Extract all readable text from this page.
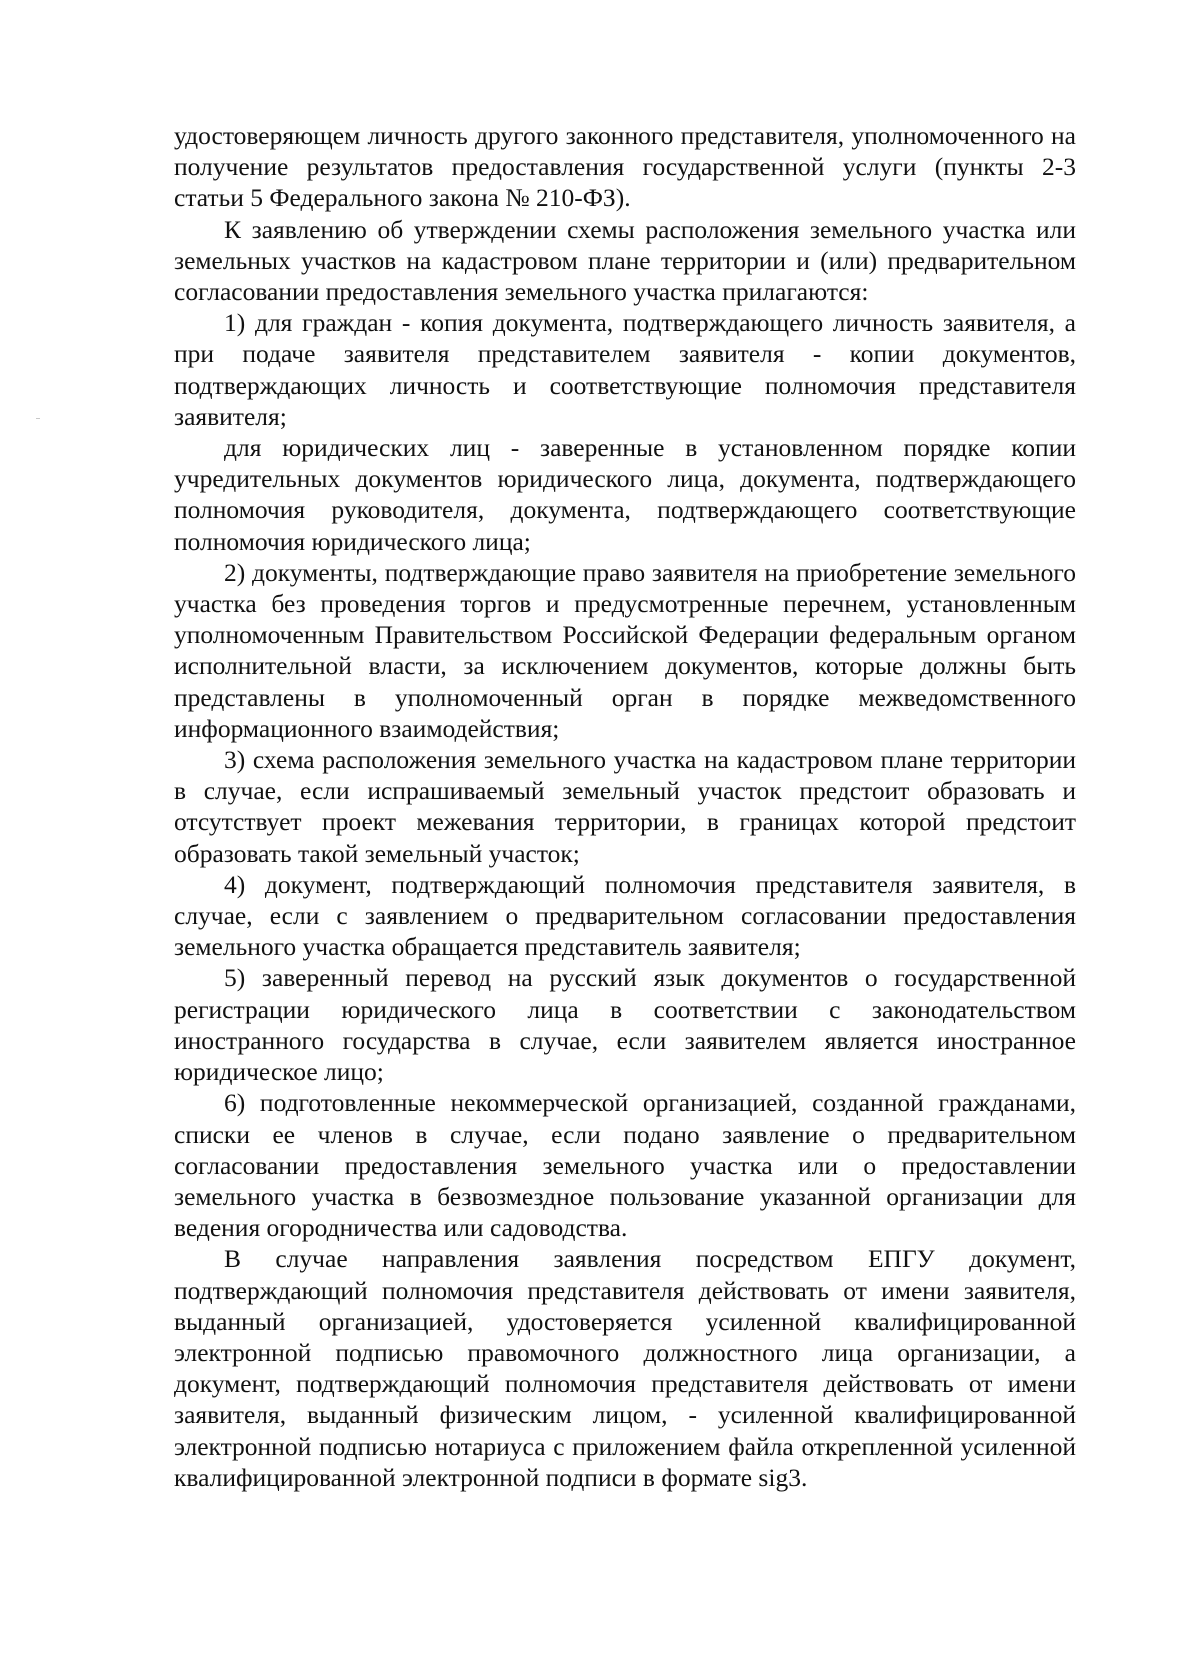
удостоверяющем личность другого законного представителя, уполномоченного на получение результатов предоставления государственной услуги (пункты 2-3 статьи 5 Федерального закона № 210-ФЗ).

К заявлению об утверждении схемы расположения земельного участка или земельных участков на кадастровом плане территории и (или) предварительном согласовании предоставления земельного участка прилагаются:

1) для граждан - копия документа, подтверждающего личность заявителя, а при подаче заявителя представителем заявителя - копии документов, подтверждающих личность и соответствующие полномочия представителя заявителя;

для юридических лиц - заверенные в установленном порядке копии учредительных документов юридического лица, документа, подтверждающего полномочия руководителя, документа, подтверждающего соответствующие полномочия юридического лица;

2) документы, подтверждающие право заявителя на приобретение земельного участка без проведения торгов и предусмотренные перечнем, установленным уполномоченным Правительством Российской Федерации федеральным органом исполнительной власти, за исключением документов, которые должны быть представлены в уполномоченный орган в порядке межведомственного информационного взаимодействия;

3) схема расположения земельного участка на кадастровом плане территории в случае, если испрашиваемый земельный участок предстоит образовать и отсутствует проект межевания территории, в границах которой предстоит образовать такой земельный участок;

4) документ, подтверждающий полномочия представителя заявителя, в случае, если с заявлением о предварительном согласовании предоставления земельного участка обращается представитель заявителя;

5) заверенный перевод на русский язык документов о государственной регистрации юридического лица в соответствии с законодательством иностранного государства в случае, если заявителем является иностранное юридическое лицо;

6) подготовленные некоммерческой организацией, созданной гражданами, списки ее членов в случае, если подано заявление о предварительном согласовании предоставления земельного участка или о предоставлении земельного участка в безвозмездное пользование указанной организации для ведения огородничества или садоводства.

В случае направления заявления посредством ЕПГУ документ, подтверждающий полномочия представителя действовать от имени заявителя, выданный организацией, удостоверяется усиленной квалифицированной электронной подписью правомочного должностного лица организации, а документ, подтверждающий полномочия представителя действовать от имени заявителя, выданный физическим лицом, - усиленной квалифицированной электронной подписью нотариуса с приложением файла открепленной усиленной квалифицированной электронной подписи в формате sig3.
